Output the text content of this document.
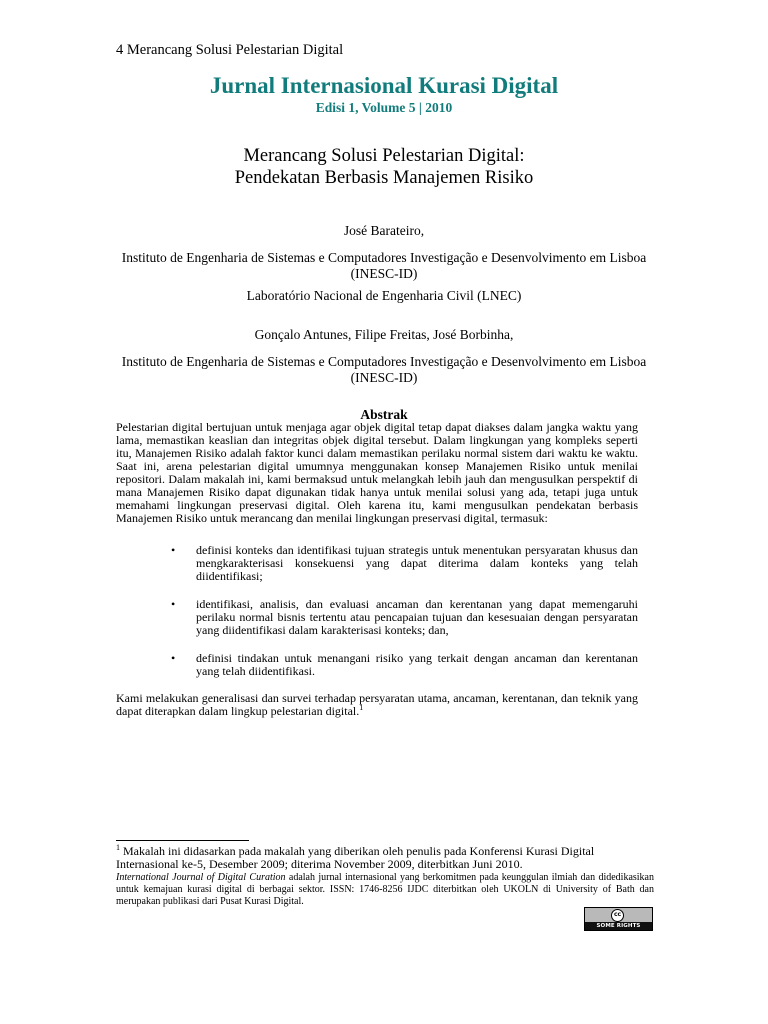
4 Merancang Solusi Pelestarian Digital
Jurnal Internasional Kurasi Digital
Edisi 1, Volume 5 | 2010
Merancang Solusi Pelestarian Digital:
Pendekatan Berbasis Manajemen Risiko

José Barateiro,

Instituto de Engenharia de Sistemas e Computadores Investigação e Desenvolvimento em Lisboa (INESC-ID)

Laboratório Nacional de Engenharia Civil (LNEC)

Gonçalo Antunes, Filipe Freitas, José Borbinha,

Instituto de Engenharia de Sistemas e Computadores Investigação e Desenvolvimento em Lisboa (INESC-ID)

Abstrak
Pelestarian digital bertujuan untuk menjaga agar objek digital tetap dapat diakses dalam jangka waktu yang lama, memastikan keaslian dan integritas objek digital tersebut. Dalam lingkungan yang kompleks seperti itu, Manajemen Risiko adalah faktor kunci dalam memastikan perilaku normal sistem dari waktu ke waktu. Saat ini, arena pelestarian digital umumnya menggunakan konsep Manajemen Risiko untuk menilai repositori. Dalam makalah ini, kami bermaksud untuk melangkah lebih jauh dan mengusulkan perspektif di mana Manajemen Risiko dapat digunakan tidak hanya untuk menilai solusi yang ada, tetapi juga untuk memahami lingkungan preservasi digital. Oleh karena itu, kami mengusulkan pendekatan berbasis Manajemen Risiko untuk merancang dan menilai lingkungan preservasi digital, termasuk:
• definisi konteks dan identifikasi tujuan strategis untuk menentukan persyaratan khusus dan mengkarakterisasi konsekuensi yang dapat diterima dalam konteks yang telah diidentifikasi;
• identifikasi, analisis, dan evaluasi ancaman dan kerentanan yang dapat memengaruhi perilaku normal bisnis tertentu atau pencapaian tujuan dan kesesuaian dengan persyaratan yang diidentifikasi dalam karakterisasi konteks; dan,
• definisi tindakan untuk menangani risiko yang terkait dengan ancaman dan kerentanan yang telah diidentifikasi.
Kami melakukan generalisasi dan survei terhadap persyaratan utama, ancaman, kerentanan, dan teknik yang dapat diterapkan dalam lingkup pelestarian digital.$^1$
$^1$ Makalah ini didasarkan pada makalah yang diberikan oleh penulis pada Konferensi Kurasi Digital Internasional ke-5, Desember 2009; diterima November 2009, diterbitkan Juni 2010.
International Journal of Digital Curation adalah jurnal internasional yang berkomitmen pada keunggulan ilmiah dan didedikasikan untuk kemajuan kurasi digital di berbagai sektor. ISSN: 1746-8256 IJDC diterbitkan oleh UKOLN di University of Bath dan merupakan publikasi dari Pusat Kurasi Digital.
cc
SOME RIGHTS RESERVED
